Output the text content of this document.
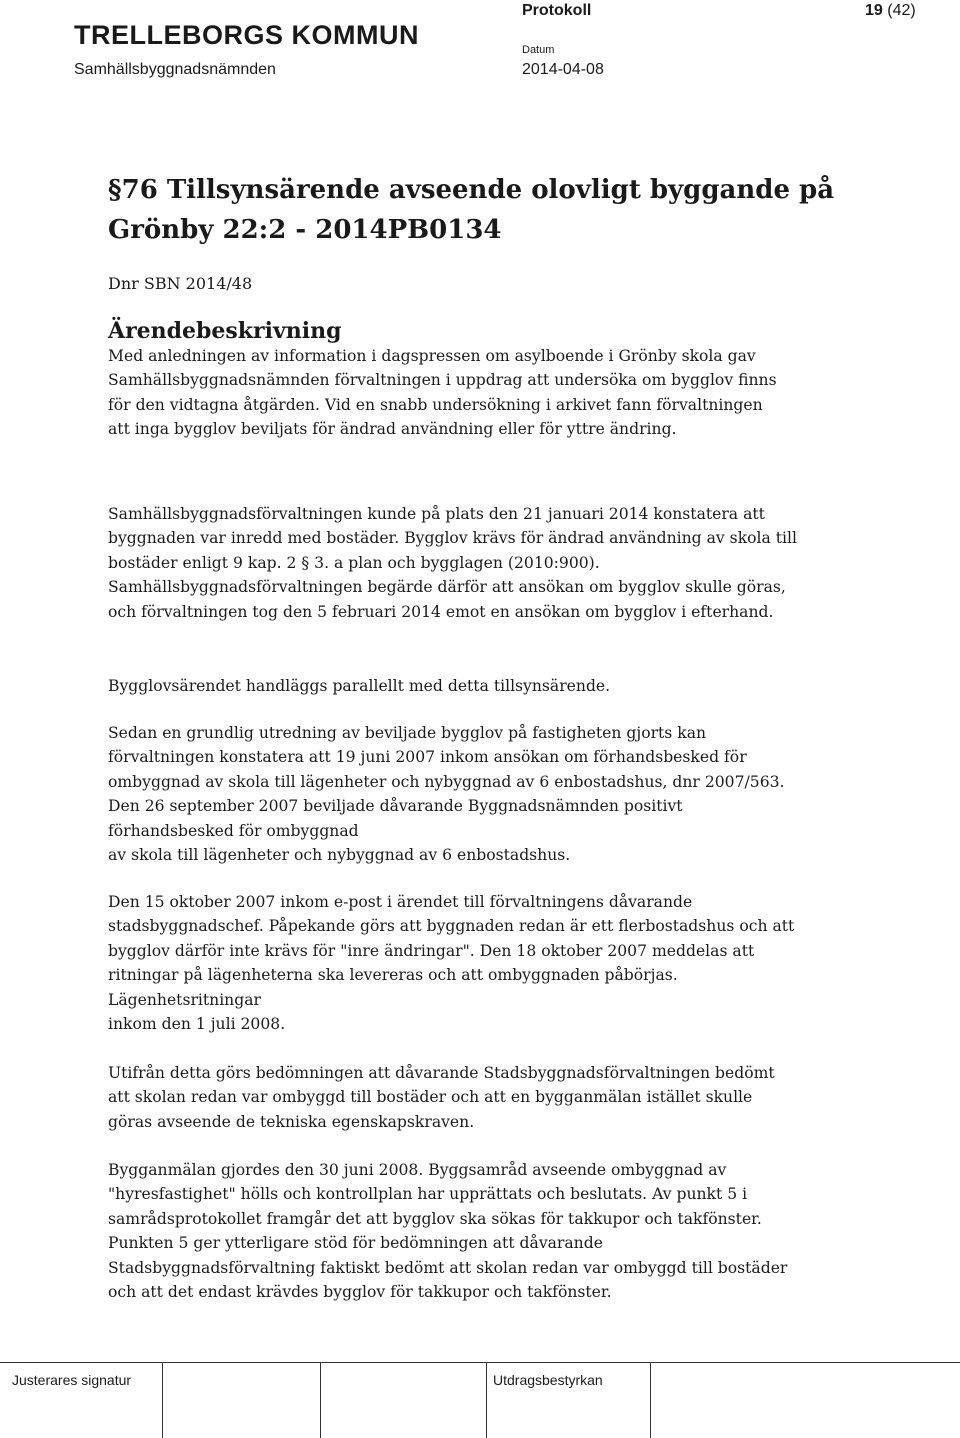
TRELLEBORGS KOMMUN
Samhällsbyggnadsnämnden
Protokoll
Datum
2014-04-08
19 (42)
§76 Tillsynsärende avseende olovligt byggande på Grönby 22:2 - 2014PB0134
Dnr SBN 2014/48
Ärendebeskrivning

Med anledningen av information i dagspressen om asylboende i Grönby skola gav Samhällsbyggnadsnämnden förvaltningen i uppdrag att undersöka om bygglov finns för den vidtagna åtgärden. Vid en snabb undersökning i arkivet fann förvaltningen att inga bygglov beviljats för ändrad användning eller för yttre ändring.

Samhällsbyggnadsförvaltningen kunde på plats den 21 januari 2014 konstatera att byggnaden var inredd med bostäder. Bygglov krävs för ändrad användning av skola till bostäder enligt 9 kap. 2 § 3. a plan och bygglagen (2010:900). Samhällsbyggnadsförvaltningen begärde därför att ansökan om bygglov skulle göras, och förvaltningen tog den 5 februari 2014 emot en ansökan om bygglov i efterhand.

Bygglovsärendet handläggs parallellt med detta tillsynsärende.

Sedan en grundlig utredning av beviljade bygglov på fastigheten gjorts kan förvaltningen konstatera att 19 juni 2007 inkom ansökan om förhandsbesked för ombyggnad av skola till lägenheter och nybyggnad av 6 enbostadshus, dnr 2007/563. Den 26 september 2007 beviljade dåvarande Byggnadsnämnden positivt förhandsbesked för ombyggnad
av skola till lägenheter och nybyggnad av 6 enbostadshus.

Den 15 oktober 2007 inkom e-post i ärendet till förvaltningens dåvarande stadsbyggnadschef. Påpekande görs att byggnaden redan är ett flerbostadshus och att bygglov därför inte krävs för "inre ändringar". Den 18 oktober 2007 meddelas att ritningar på lägenheterna ska levereras och att ombyggnaden påbörjas. Lägenhetsritningar
inkom den 1 juli 2008.

Utifrån detta görs bedömningen att dåvarande Stadsbyggnadsförvaltningen bedömt att skolan redan var ombyggd till bostäder och att en bygganmälan istället skulle göras avseende de tekniska egenskapskraven.

Bygganmälan gjordes den 30 juni 2008. Byggsamråd avseende ombyggnad av "hyresfastighet" hölls och kontrollplan har upprättats och beslutats. Av punkt 5 i samrådsprotokollet framgår det att bygglov ska sökas för takkupor och takfönster. Punkten 5 ger ytterligare stöd för bedömningen att dåvarande Stadsbyggnadsförvaltning faktiskt bedömt att skolan redan var ombyggd till bostäder och att det endast krävdes bygglov för takkupor och takfönster.

Justerares signatur	Utdragsbestyrkan
